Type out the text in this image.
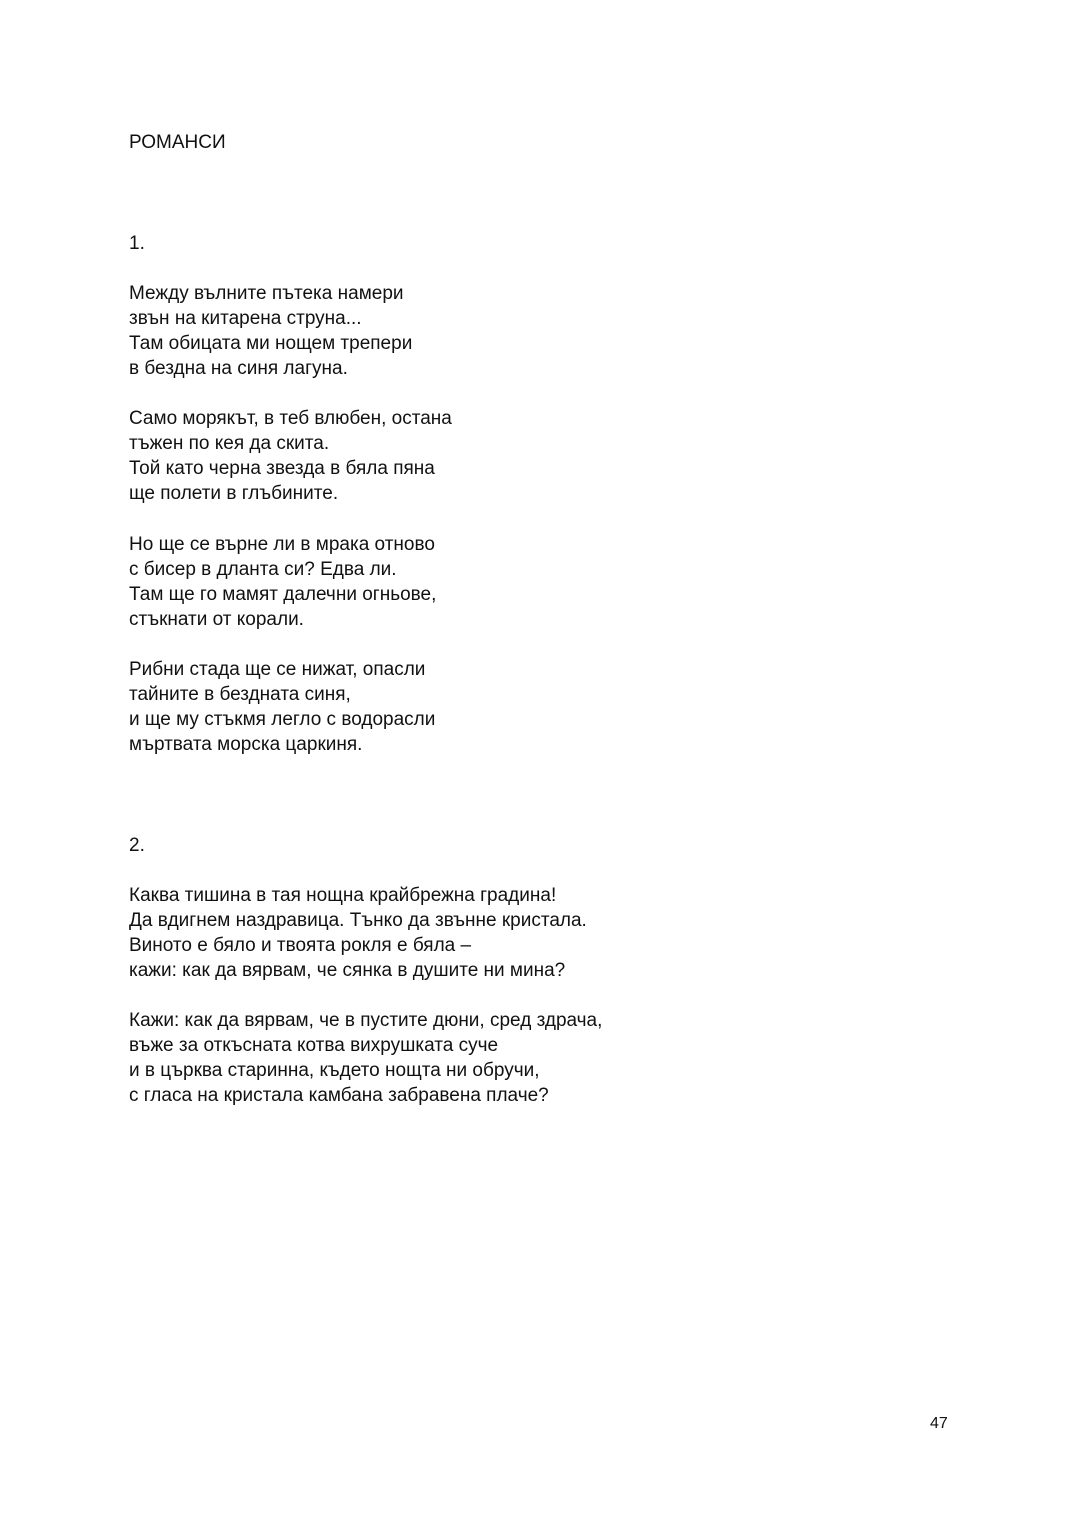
РОМАНСИ
1.
Между вълните пътека намери
звън на китарена струна...
Там обицата ми нощем трепери
в бездна на синя лагуна.
Само морякът, в теб влюбен, остана
тъжен по кея да скита.
Той като черна звезда в бяла пяна
ще полети в глъбините.
Но ще се върне ли в мрака отново
с бисер в дланта си? Едва ли.
Там ще го мамят далечни огньове,
стъкнати от корали.
Рибни стада ще се нижат, опасли
тайните в бездната синя,
и ще му стъкмя легло с водорасли
мъртвата морска царкиня.
2.
Каква тишина в тая нощна крайбрежна градина!
Да вдигнем наздравица. Тънко да звънне кристала.
Виното е бяло и твоята рокля е бяла –
кажи: как да вярвам, че сянка в душите ни мина?
Кажи: как да вярвам, че в пустите дюни, сред здрача,
въже за откъсната котва вихрушката суче
и в църква старинна, където нощта ни обручи,
с гласа на кристала камбана забравена плаче?
47
